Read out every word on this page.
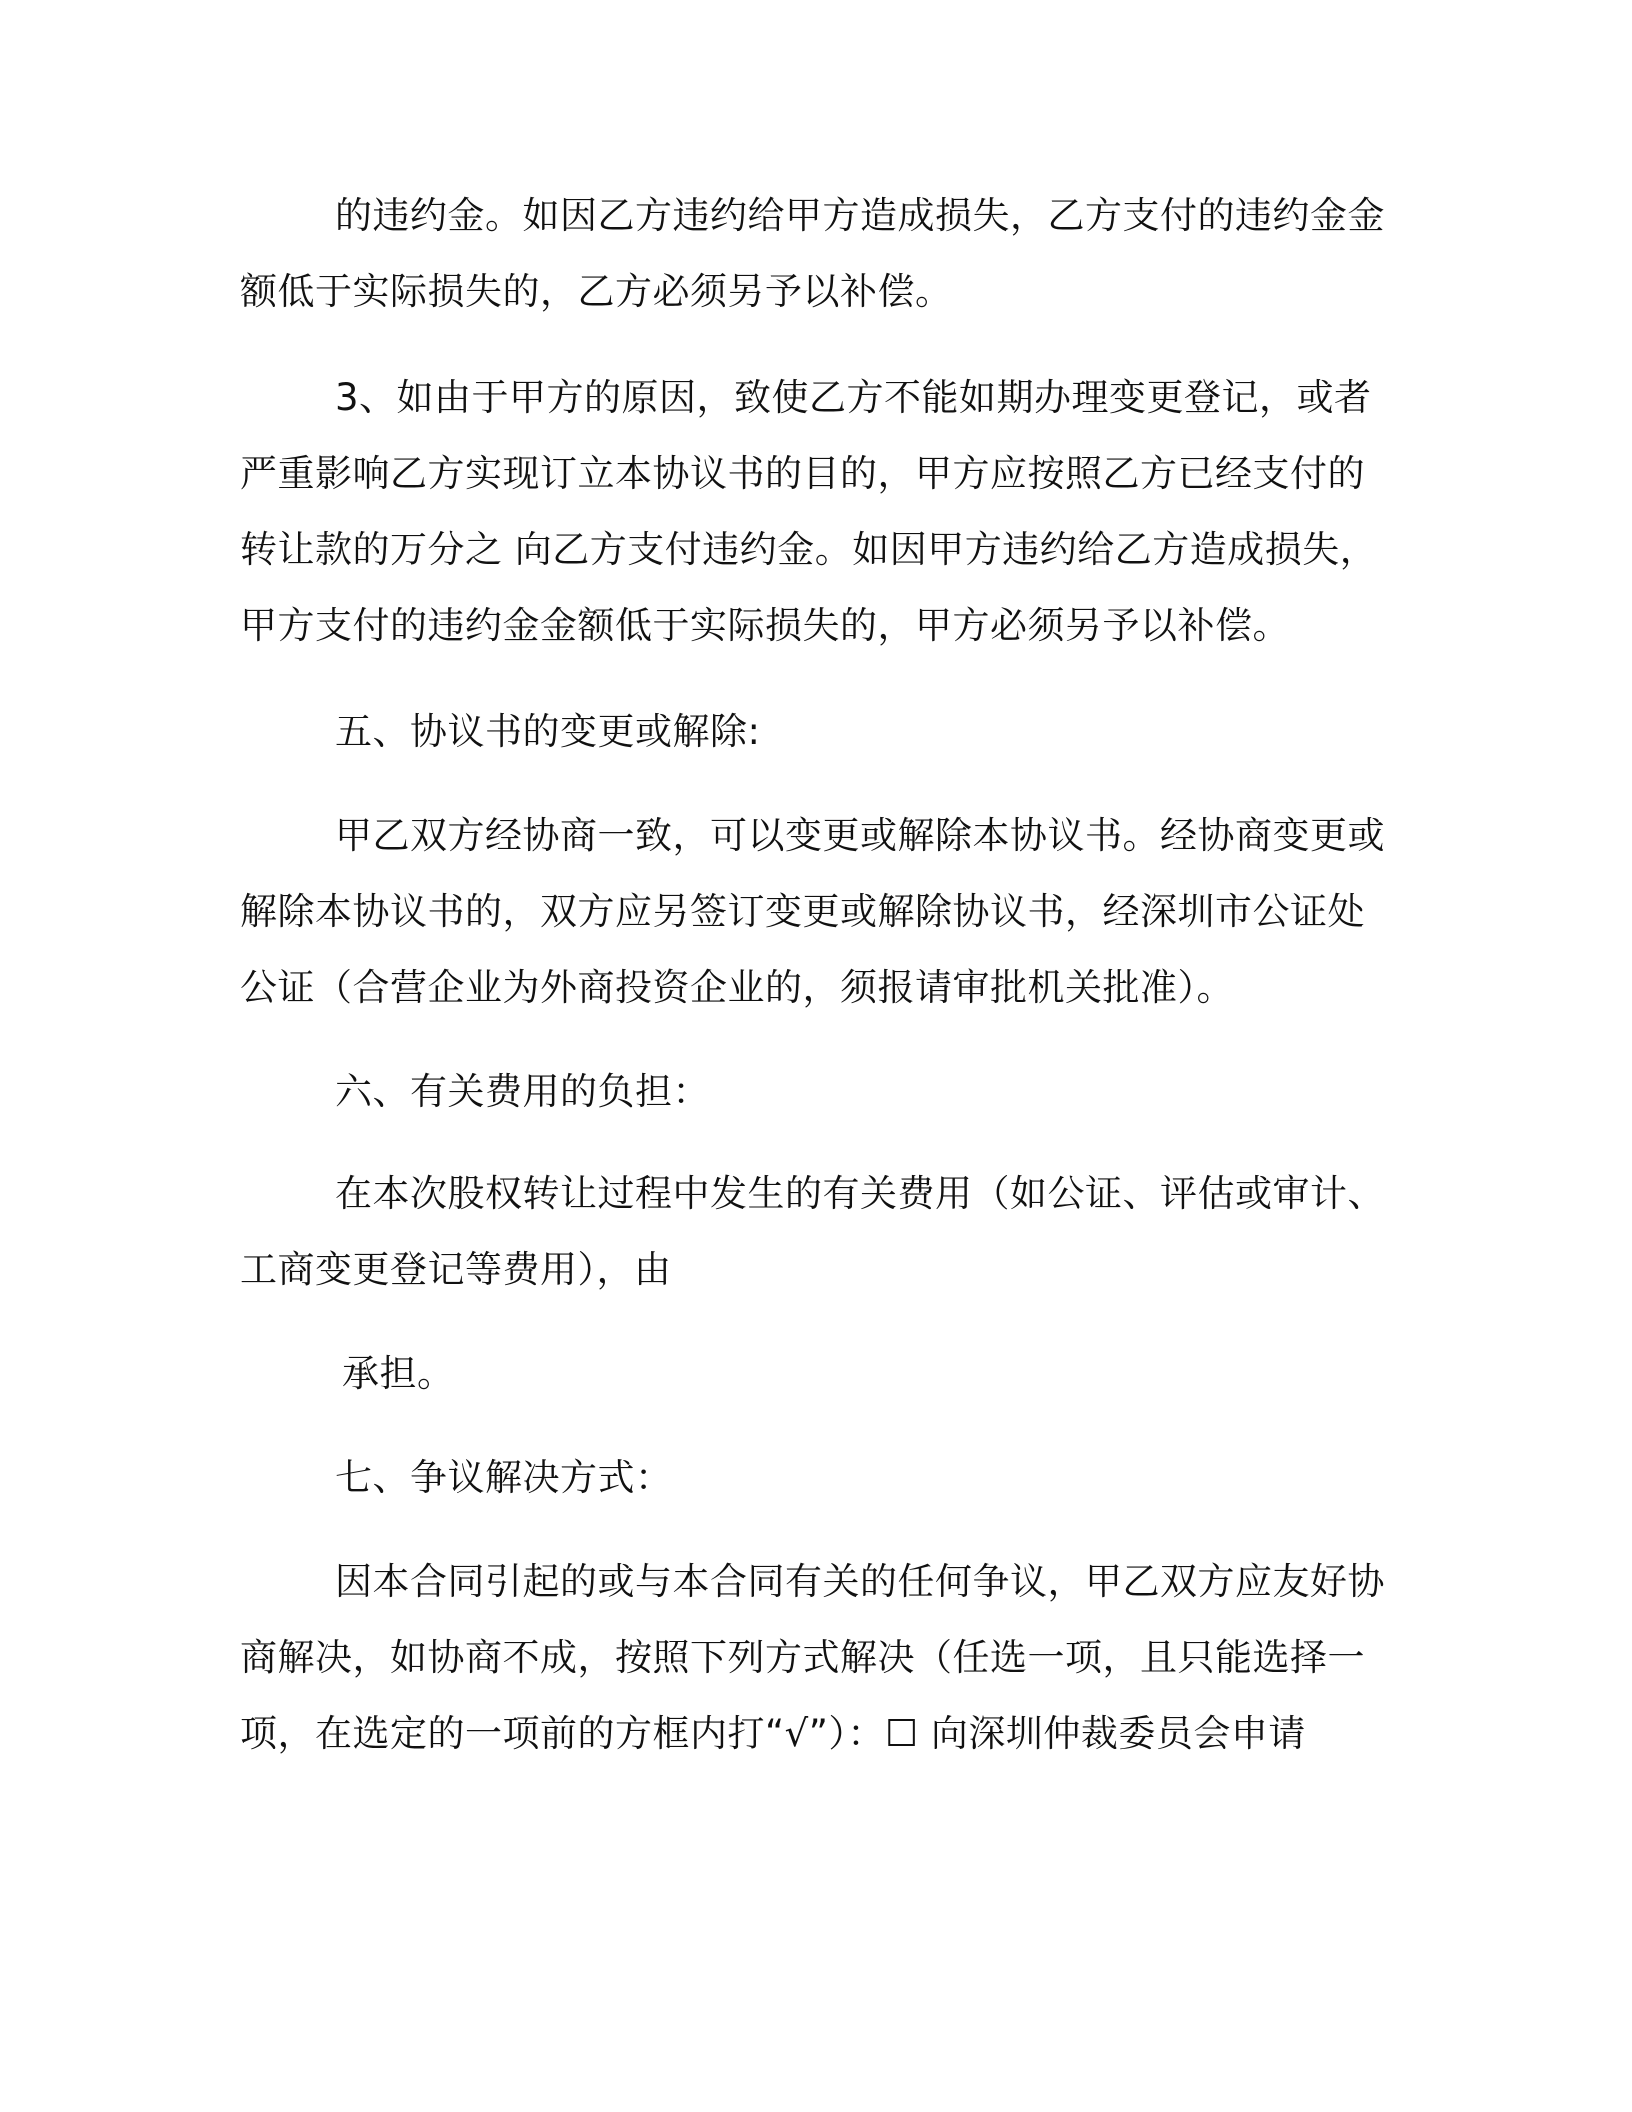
的违约金。如因乙方违约给甲方造成损失，乙方支付的违约金金
额低于实际损失的，乙方必须另予以补偿。
3、如由于甲方的原因，致使乙方不能如期办理变更登记，或者
严重影响乙方实现订立本协议书的目的，甲方应按照乙方已经支付的
转让款的万分之 向乙方支付违约金。如因甲方违约给乙方造成损失，
甲方支付的违约金金额低于实际损失的，甲方必须另予以补偿。
五、协议书的变更或解除:
甲乙双方经协商一致，可以变更或解除本协议书。经协商变更或
解除本协议书的，双方应另签订变更或解除协议书，经深圳市公证处
公证（合营企业为外商投资企业的，须报请审批机关批准）。
六、有关费用的负担：
在本次股权转让过程中发生的有关费用（如公证、评估或审计、
工商变更登记等费用），由
承担。
七、争议解决方式：
因本合同引起的或与本合同有关的任何争议，甲乙双方应友好协
商解决，如协商不成，按照下列方式解决（任选一项，且只能选择一
项，在选定的一项前的方框内打“√”）：☐ 向深圳仲裁委员会申请
